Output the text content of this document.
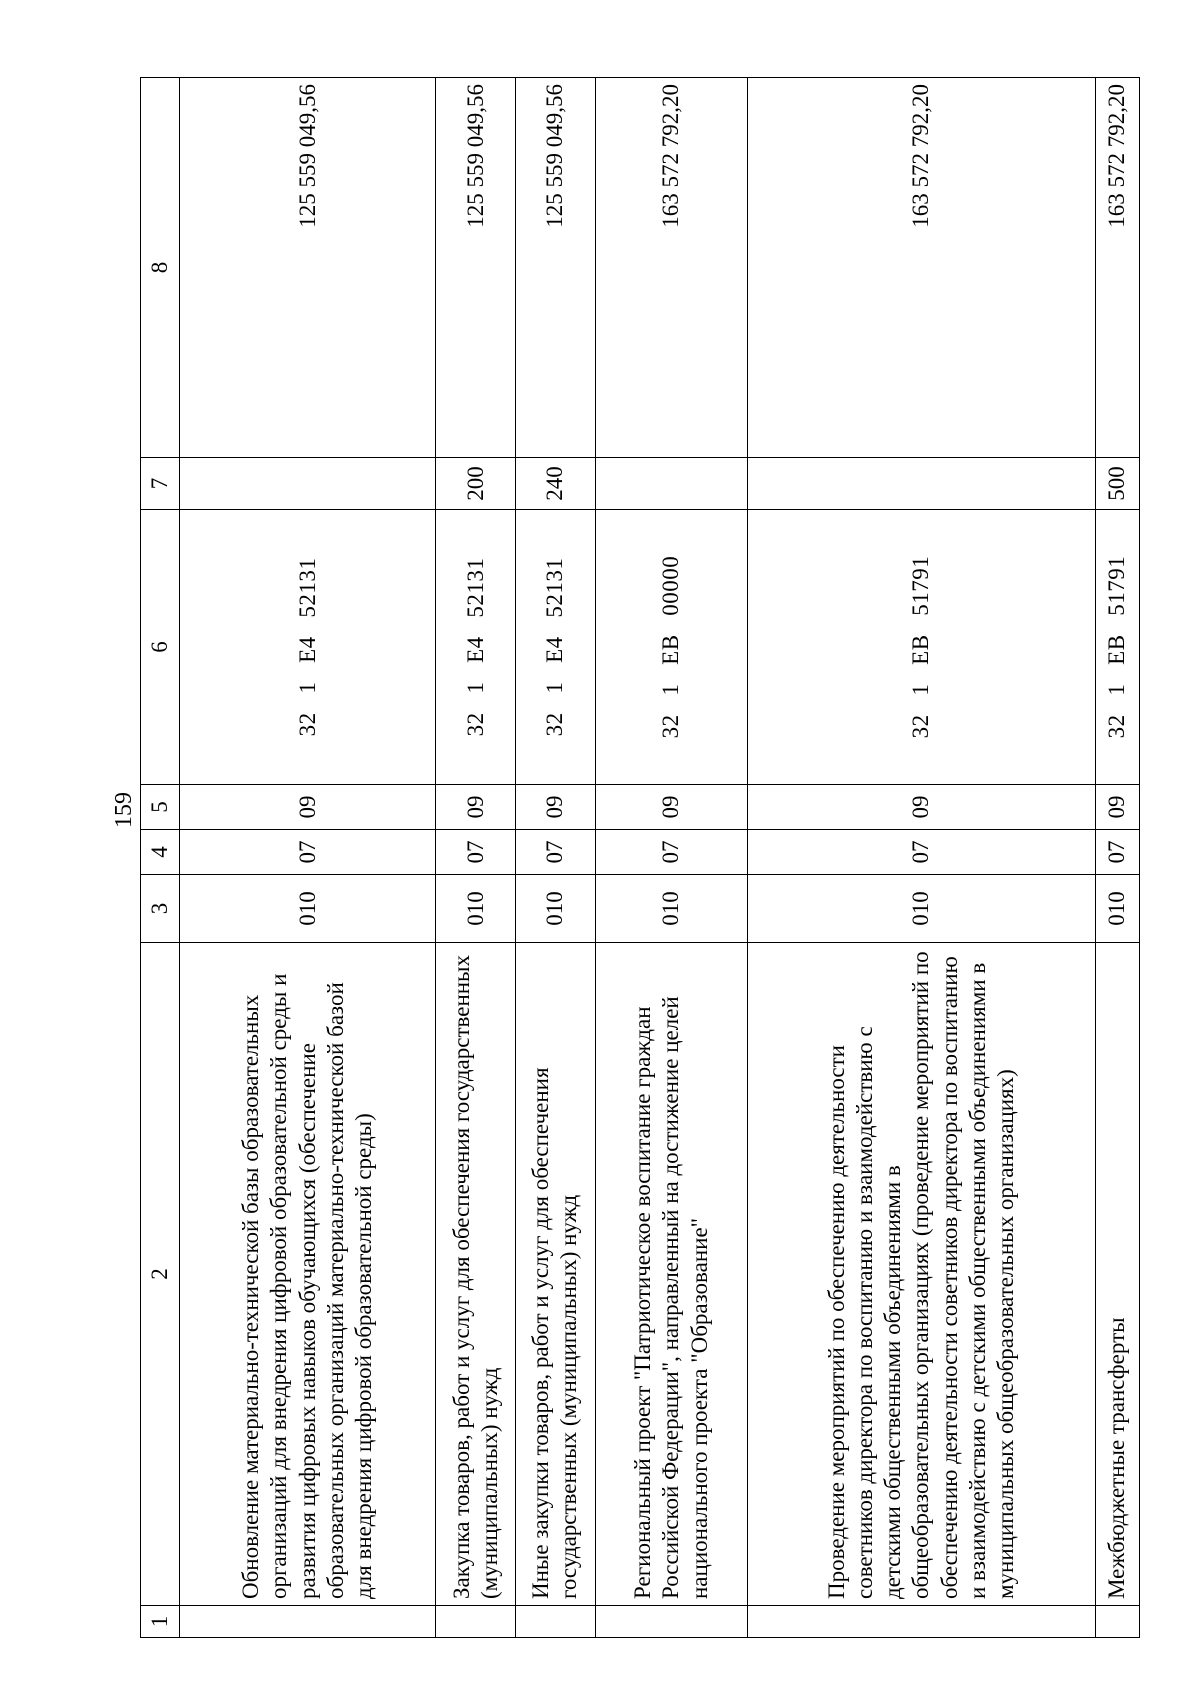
159
1	2	3	4	5	6	7	8
	Обновление материально-технической базы образовательных организаций для внедрения цифровой образовательной среды и развития цифровых навыков обучающихся (обеспечение образовательных организаций материально-технической базой для внедрения цифровой образовательной среды)	010	07	09	32   1   E4   52131		125 559 049,56
	Закупка товаров, работ и услуг для обеспечения государственных (муниципальных) нужд	010	07	09	32   1   E4   52131	200	125 559 049,56
	Иные закупки товаров, работ и услуг для обеспечения государственных (муниципальных) нужд	010	07	09	32   1   E4   52131	240	125 559 049,56
	Региональный проект "Патриотическое воспитание граждан Российской Федерации", направленный на достижение целей национального проекта "Образование"	010	07	09	32   1   ЕВ   00000		163 572 792,20
	Проведение мероприятий по обеспечению деятельности советников директора по воспитанию и взаимодействию с детскими общественными объединениями в общеобразовательных организациях (проведение мероприятий по обеспечению деятельности советников директора по воспитанию и взаимодействию с детскими общественными объединениями в муниципальных общеобразовательных организациях)	010	07	09	32   1   ЕВ   51791		163 572 792,20
	Межбюджетные трансферты	010	07	09	32   1   ЕВ   51791	500	163 572 792,20
